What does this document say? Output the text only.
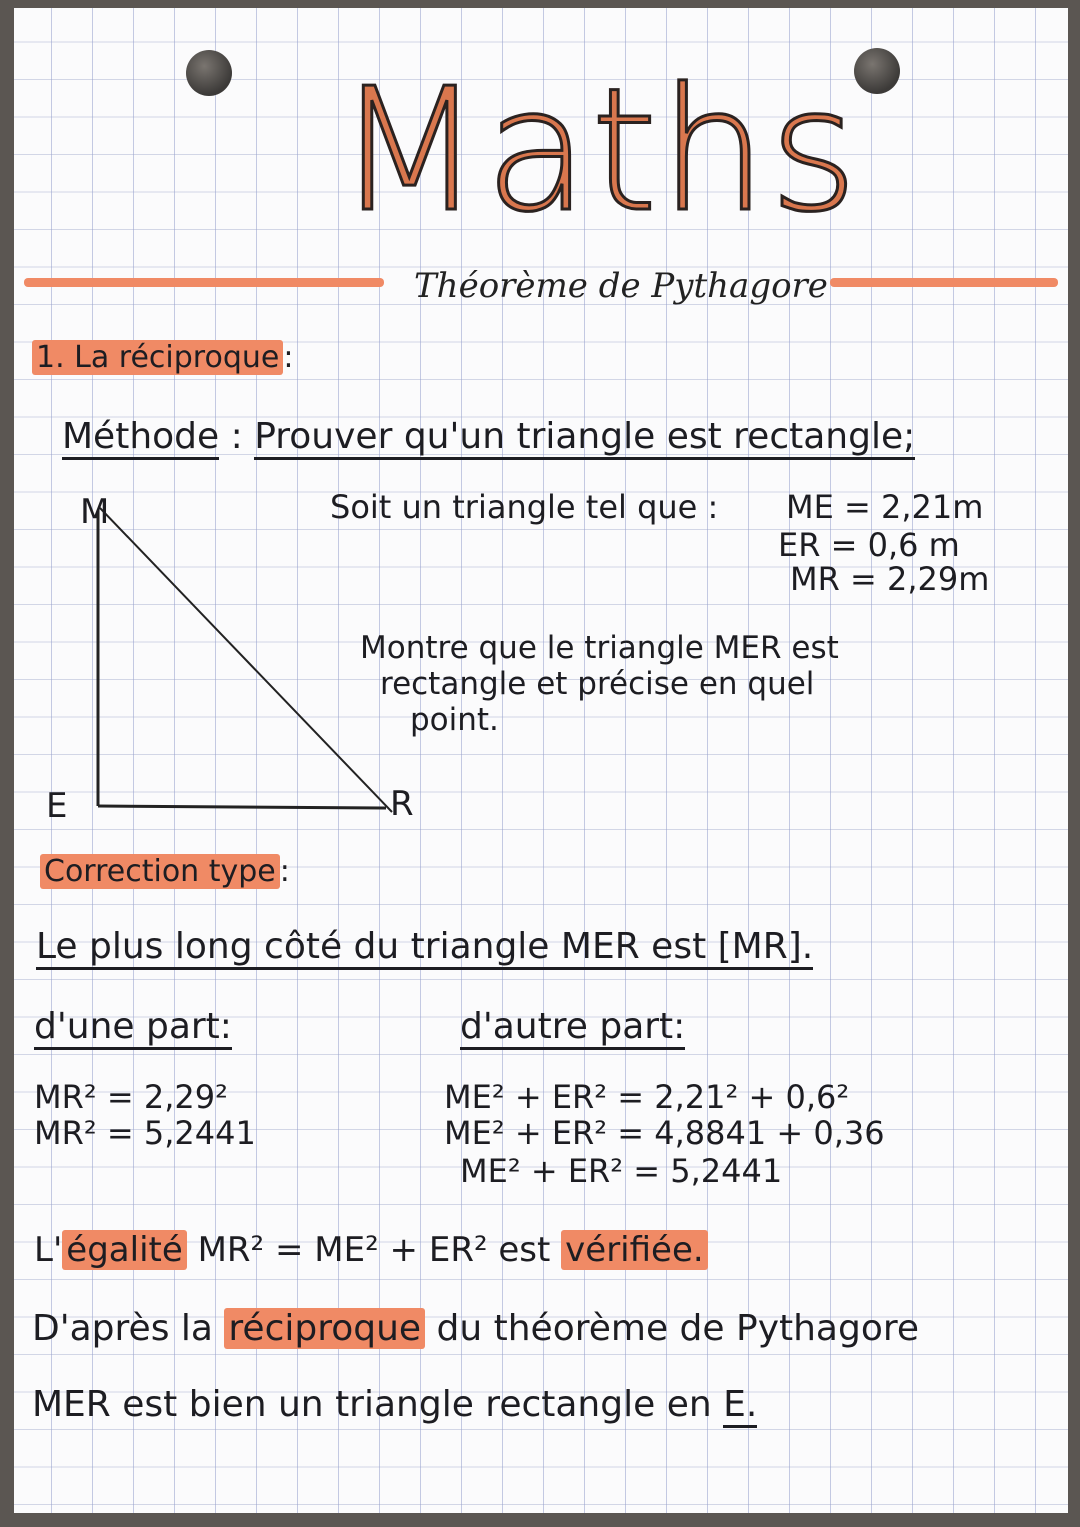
Maths
Théorème de Pythagore
1. La réciproque :
Méthode : Prouver qu'un triangle est rectangle;
M
E	R
Soit un triangle tel que : ME = 2,21m
ER = 0,6 m
MR = 2,29m
Montre que le triangle MER est
rectangle et précise en quel
point.
Correction type :
Le plus long côté du triangle MER est [MR].
d'une part:	d'autre part:
MR² = 2,29²
MR² = 5,2441
ME² + ER² = 2,21² + 0,6²
ME² + ER² = 4,8841 + 0,36
ME² + ER² = 5,2441
L' égalité MR² = ME² + ER² est vérifiée.
D'après la réciproque du théorème de Pythagore
MER est bien un triangle rectangle en E.
